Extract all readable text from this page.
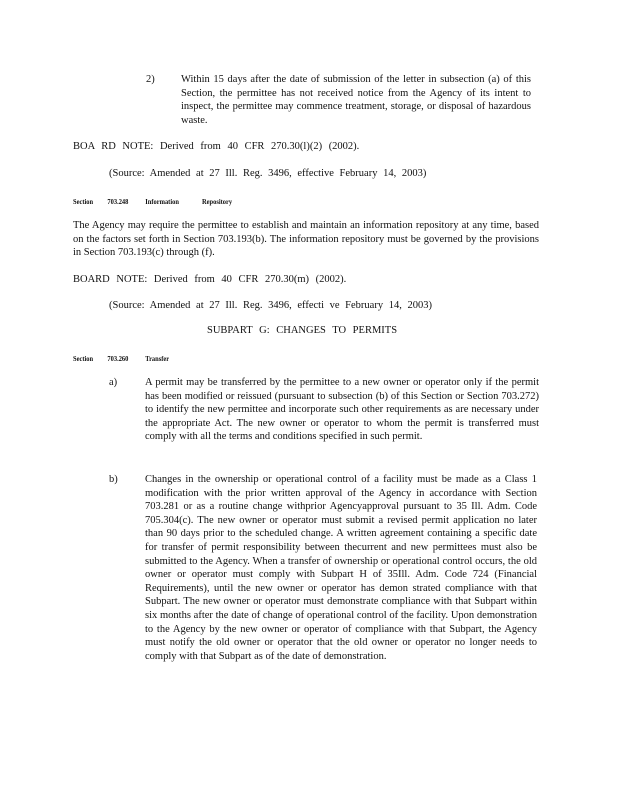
2)	Within 15 days after the date of submission of the letter in subsection (a) of this Section, the permittee has not received notice from the Agency of its intent to inspect, the permittee may commence treatment, storage, or disposal of hazardous waste.
BOA RD NOTE: Derived from 40 CFR 270.30(l)(2) (2002).
(Source: Amended at 27 Ill. Reg. 3496, effective February 14, 2003)
Section 703.248 Information	Repository
The Agency may require the permittee to establish and maintain an information repository at any time, based on the factors set forth in Section 703.193(b). The information repository must be governed by the provisions in Section 703.193(c) through (f).
BOARD NOTE: Derived from 40 CFR 270.30(m) (2002).
(Source: Amended at 27 Ill. Reg. 3496, effecti ve February 14, 2003)
SUBPART G: CHANGES TO PERMITS
Section 703.260 Transfer
a)	A permit may be transferred by the permittee to a new owner or operator only if the permit has been modified or reissued (pursuant to subsection (b) of this Section or Section 703.272) to identify the new permittee and incorporate such other requirements as are necessary under the appropriate Act. The new owner or operator to whom the permit is transferred must comply with all the terms and conditions specified in such permit.
b)	Changes in the ownership or operational control of a facility must be made as a Class 1 modification with the prior written approval of the Agency in accordance with Section 703.281 or as a routine change withprior Agencyapproval pursuant to 35 Ill. Adm. Code 705.304(c). The new owner or operator must submit a revised permit application no later than 90 days prior to the scheduled change. A written agreement containing a specific date for transfer of permit responsibility between thecurrent and new permittees must also be submitted to the Agency. When a transfer of ownership or operational control occurs, the old owner or operator must comply with Subpart H of 35Ill. Adm. Code 724 (Financial Requirements), until the new owner or operator has demon strated compliance with that Subpart. The new owner or operator must demonstrate compliance with that Subpart within six months after the date of change of operational control of the facility. Upon demonstration to the Agency by the new owner or operator of compliance with that Subpart, the Agency must notify the old owner or operator that the old owner or operator no longer needs to comply with that Subpart as of the date of demonstration.
